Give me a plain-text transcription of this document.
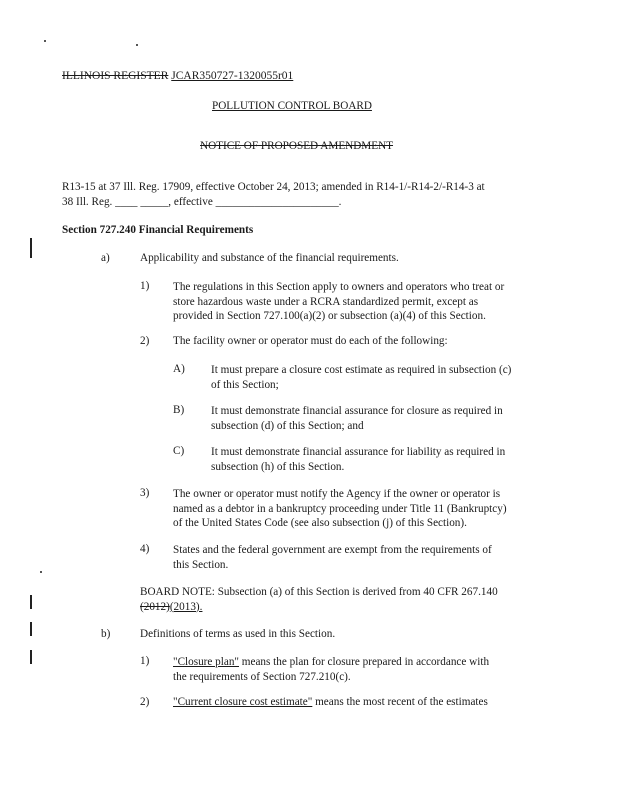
ILLINOIS REGISTER JCAR350727-1320055r01
POLLUTION CONTROL BOARD
NOTICE OF PROPOSED AMENDMENT
R13-15 at 37 Ill. Reg. 17909, effective October 24, 2013; amended in R14-1/-R14-2/-R14-3 at
38 Ill. Reg. ____ _____, effective ______________________.
Section 727.240 Financial Requirements
a)	Applicability and substance of the financial requirements.
1) The regulations in this Section apply to owners and operators who treat or
store hazardous waste under a RCRA standardized permit, except as
provided in Section 727.100(a)(2) or subsection (a)(4) of this Section.
2) The facility owner or operator must do each of the following:
A) It must prepare a closure cost estimate as required in subsection (c)
of this Section;
B) It must demonstrate financial assurance for closure as required in
subsection (d) of this Section; and
C) It must demonstrate financial assurance for liability as required in
subsection (h) of this Section.
3) The owner or operator must notify the Agency if the owner or operator is
named as a debtor in a bankruptcy proceeding under Title 11 (Bankruptcy)
of the United States Code (see also subsection (j) of this Section).
4) States and the federal government are exempt from the requirements of
this Section.
BOARD NOTE: Subsection (a) of this Section is derived from 40 CFR 267.140
(2012)(2013).
b)	Definitions of terms as used in this Section.
1) "Closure plan" means the plan for closure prepared in accordance with
the requirements of Section 727.210(c).
2) "Current closure cost estimate" means the most recent of the estimates
